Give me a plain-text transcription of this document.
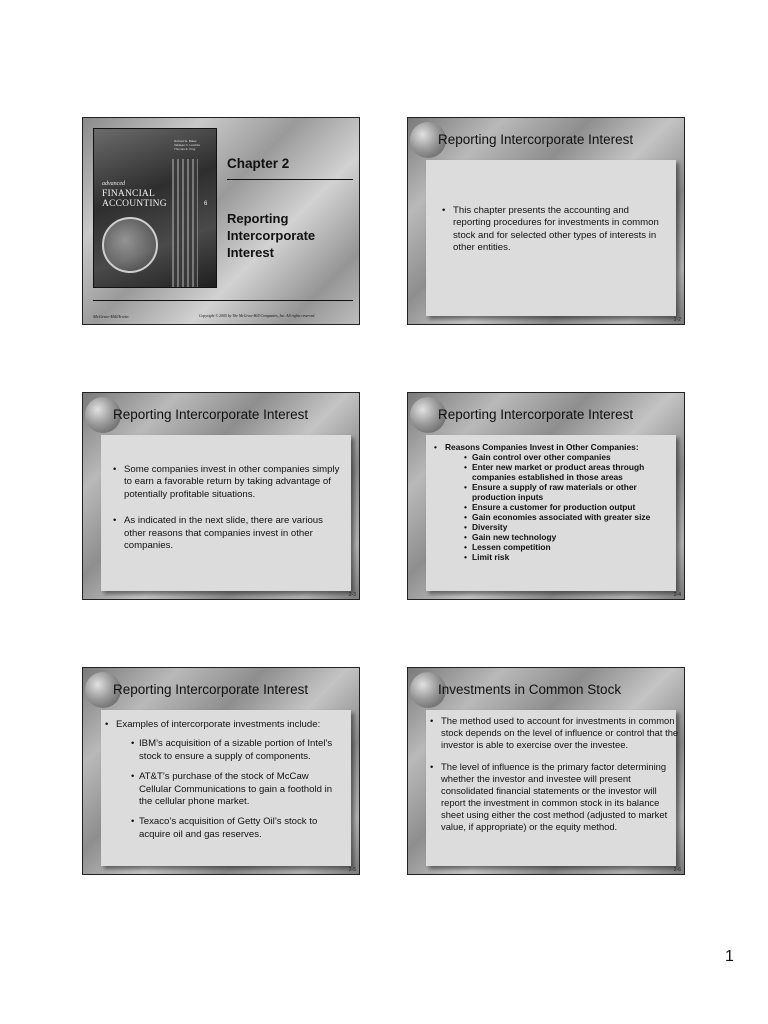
Richard E. Baker
Valdean C. Lembke
Thomas E. King
advanced
FINANCIAL ACCOUNTING	6
Chapter 2
Reporting
Intercorporate
Interest
McGraw-Hill/Irwin	Copyright © 2005 by The McGraw-Hill Companies, Inc. All rights reserved.
Reporting Intercorporate Interest
• This chapter presents the accounting and reporting procedures for investments in common stock and for selected other types of interests in other entities.
2-2
Reporting Intercorporate Interest
• Some companies invest in other companies simply to earn a favorable return by taking advantage of potentially profitable situations.
• As indicated in the next slide, there are various other reasons that companies invest in other companies.
2-3
Reporting Intercorporate Interest
• Reasons Companies Invest in Other Companies:
• Gain control over other companies
• Enter new market or product areas through companies established in those areas
• Ensure a supply of raw materials or other production inputs
• Ensure a customer for production output
• Gain economies associated with greater size
• Diversity
• Gain new technology
• Lessen competition
• Limit risk
2-4
Reporting Intercorporate Interest
• Examples of intercorporate investments include:
• IBM’s acquisition of a sizable portion of Intel’s stock to ensure a supply of components.
• AT&T’s purchase of the stock of McCaw Cellular Communications to gain a foothold in the cellular phone market.
• Texaco’s acquisition of Getty Oil’s stock to acquire oil and gas reserves.
2-5
Investments in Common Stock
• The method used to account for investments in common stock depends on the level of influence or control that the investor is able to exercise over the investee.
• The level of influence is the primary factor determining whether the investor and investee will present consolidated financial statements or the investor will report the investment in common stock in its balance sheet using either the cost method (adjusted to market value, if appropriate) or the equity method.
2-6
1
